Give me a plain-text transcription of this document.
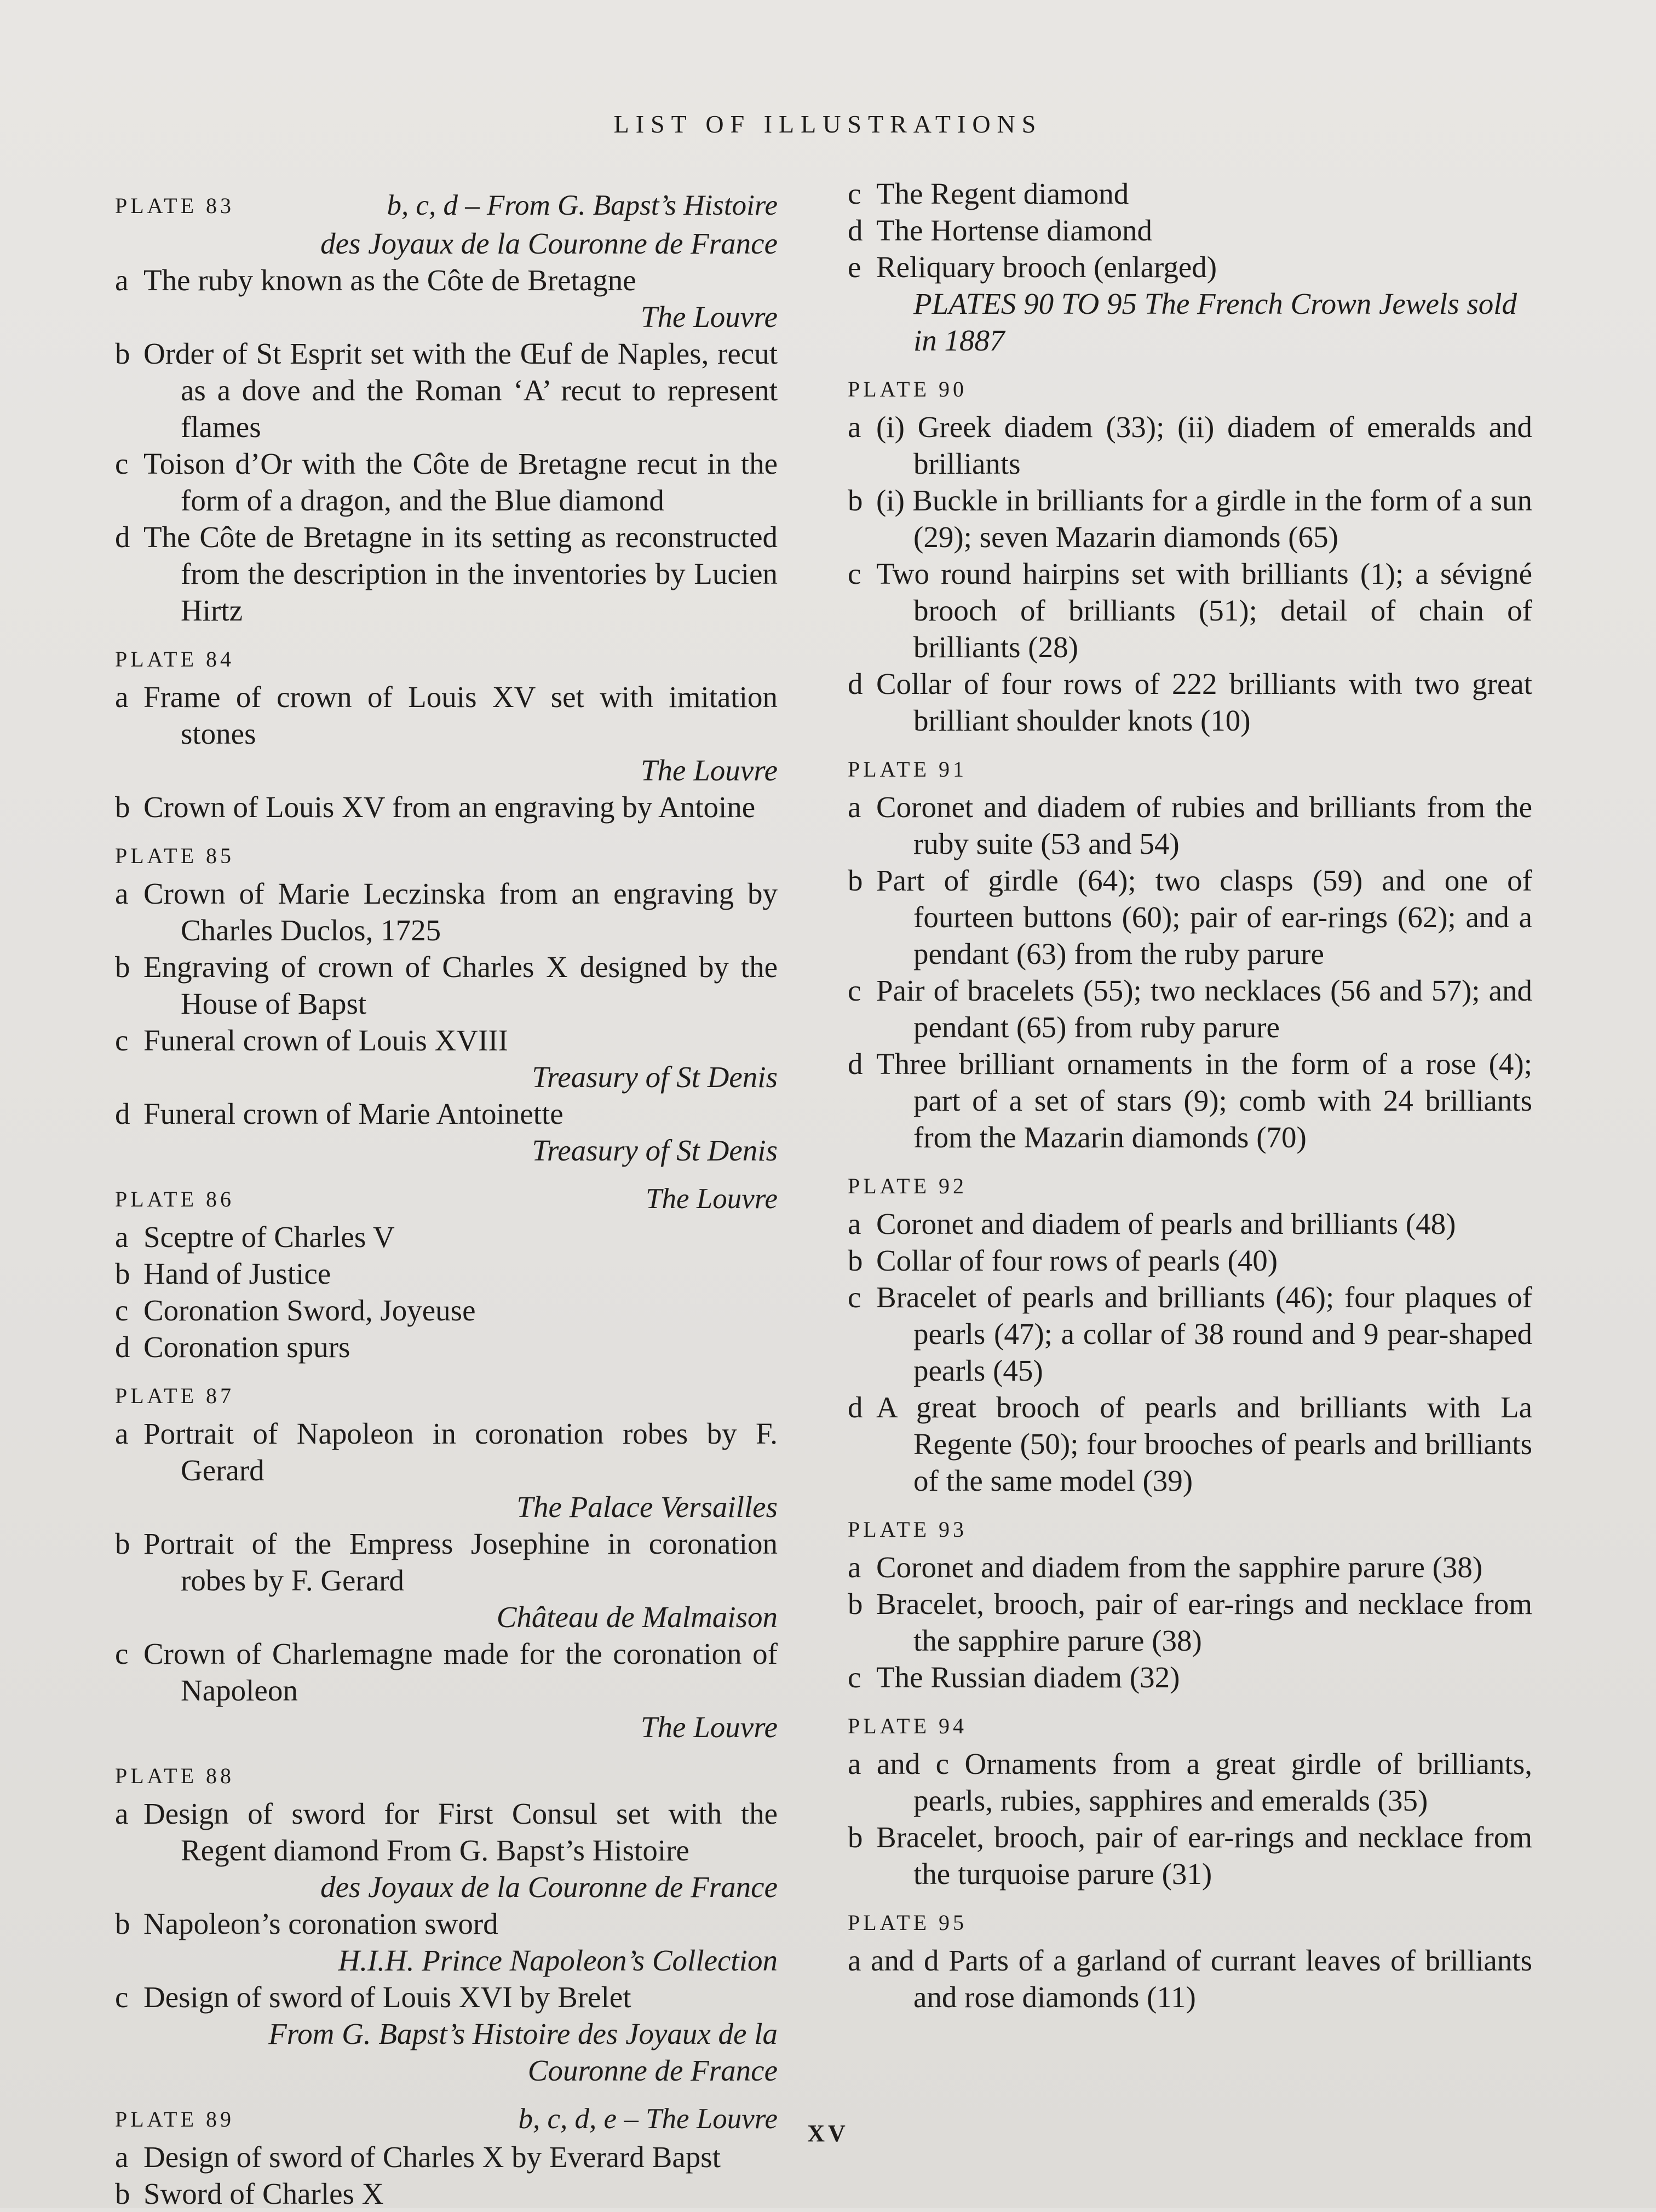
LIST OF ILLUSTRATIONS
PLATE 83	b, c, d – From G. Bapst’s Histoire
des Joyaux de la Couronne de France
a The ruby known as the Côte de Bretagne
The Louvre
b Order of St Esprit set with the Œuf de Naples, recut as a dove and the Roman ‘A’ recut to represent flames
c Toison d’Or with the Côte de Bretagne recut in the form of a dragon, and the Blue diamond
d The Côte de Bretagne in its setting as reconstructed from the description in the inventories by Lucien Hirtz
PLATE 84
a Frame of crown of Louis XV set with imitation stones
The Louvre
b Crown of Louis XV from an engraving by Antoine
PLATE 85
a Crown of Marie Leczinska from an engraving by Charles Duclos, 1725
b Engraving of crown of Charles X designed by the House of Bapst
c Funeral crown of Louis XVIII
Treasury of St Denis
d Funeral crown of Marie Antoinette
Treasury of St Denis
PLATE 86	The Louvre
a Sceptre of Charles V
b Hand of Justice
c Coronation Sword, Joyeuse
d Coronation spurs
PLATE 87
a Portrait of Napoleon in coronation robes by F. Gerard
The Palace Versailles
b Portrait of the Empress Josephine in coronation robes by F. Gerard
Château de Malmaison
c Crown of Charlemagne made for the coronation of Napoleon
The Louvre
PLATE 88
a Design of sword for First Consul set with the Regent diamond From G. Bapst’s Histoire
des Joyaux de la Couronne de France
b Napoleon’s coronation sword
H.I.H. Prince Napoleon’s Collection
c Design of sword of Louis XVI by Brelet
From G. Bapst’s Histoire des Joyaux de la
Couronne de France
PLATE 89	b, c, d, e – The Louvre
a Design of sword of Charles X by Everard Bapst
b Sword of Charles X
c The Regent diamond
d The Hortense diamond
e Reliquary brooch (enlarged)
PLATES 90 TO 95 The French Crown Jewels sold in 1887
PLATE 90
a (i) Greek diadem (33); (ii) diadem of emeralds and brilliants
b (i) Buckle in brilliants for a girdle in the form of a sun (29); seven Mazarin diamonds (65)
c Two round hairpins set with brilliants (1); a sévigné brooch of brilliants (51); detail of chain of brilliants (28)
d Collar of four rows of 222 brilliants with two great brilliant shoulder knots (10)
PLATE 91
a Coronet and diadem of rubies and brilliants from the ruby suite (53 and 54)
b Part of girdle (64); two clasps (59) and one of fourteen buttons (60); pair of ear-rings (62); and a pendant (63) from the ruby parure
c Pair of bracelets (55); two necklaces (56 and 57); and pendant (65) from ruby parure
d Three brilliant ornaments in the form of a rose (4); part of a set of stars (9); comb with 24 brilliants from the Mazarin diamonds (70)
PLATE 92
a Coronet and diadem of pearls and brilliants (48)
b Collar of four rows of pearls (40)
c Bracelet of pearls and brilliants (46); four plaques of pearls (47); a collar of 38 round and 9 pear-shaped pearls (45)
d A great brooch of pearls and brilliants with La Regente (50); four brooches of pearls and brilliants of the same model (39)
PLATE 93
a Coronet and diadem from the sapphire parure (38)
b Bracelet, brooch, pair of ear-rings and necklace from the sapphire parure (38)
c The Russian diadem (32)
PLATE 94
a and c Ornaments from a great girdle of brilliants, pearls, rubies, sapphires and emeralds (35)
b Bracelet, brooch, pair of ear-rings and necklace from the turquoise parure (31)
PLATE 95
a and d Parts of a garland of currant leaves of brilliants and rose diamonds (11)
XV
